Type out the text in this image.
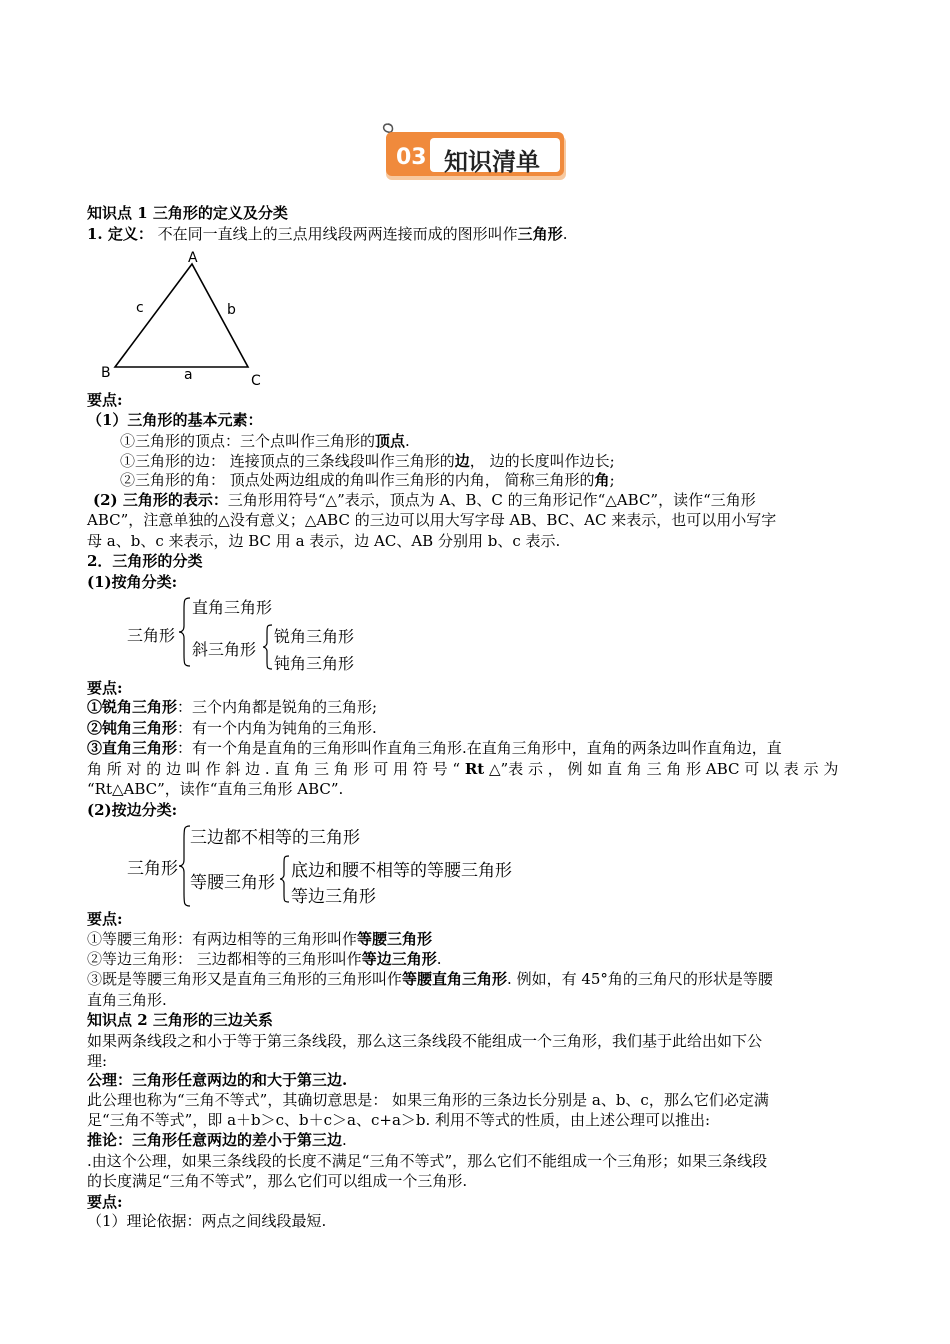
03 知识清单
知识点 1 三角形的定义及分类
1. 定义： 不在同一直线上的三点用线段两两连接而成的图形叫作三角形.
A
B	C
a
b
c
要点:
（1）三角形的基本元素：
①三角形的顶点：三个点叫作三角形的顶点.
①三角形的边： 连接顶点的三条线段叫作三角形的边， 边的长度叫作边长;
②三角形的角： 顶点处两边组成的角叫作三角形的内角， 简称三角形的角;
(2) 三角形的表示：三角形用符号“△”表示，顶点为 A、B、C 的三角形记作“△ABC”，读作“三角形
ABC”，注意单独的△没有意义；△ABC 的三边可以用大写字母 AB、BC、AC 来表示，也可以用小写字
母 a、b、c 来表示，边 BC 用 a 表示，边 AC、AB 分别用 b、c 表示.
2．三角形的分类
(1)按角分类:
三角形
直角三角形
斜三角形
锐角三角形
钝角三角形
要点:
①锐角三角形：三个内角都是锐角的三角形;
②钝角三角形：有一个内角为钝角的三角形.
③直角三角形：有一个角是直角的三角形叫作直角三角形.在直角三角形中，直角的两条边叫作直角边，直
角 所 对 的 边 叫 作 斜 边 . 直 角 三 角 形 可 用 符 号 “ Rt △”表 示 ， 例 如 直 角 三 角 形 ABC 可 以 表 示 为
“Rt△ABC”，读作“直角三角形 ABC”.
(2)按边分类:
三角形
三边都不相等的三角形
等腰三角形
底边和腰不相等的等腰三角形
等边三角形
要点:
①等腰三角形：有两边相等的三角形叫作等腰三角形
②等边三角形： 三边都相等的三角形叫作等边三角形.
③既是等腰三角形又是直角三角形的三角形叫作等腰直角三角形. 例如，有 45°角的三角尺的形状是等腰
直角三角形.
知识点 2 三角形的三边关系
如果两条线段之和小于等于第三条线段，那么这三条线段不能组成一个三角形，我们基于此给出如下公
理:
公理：三角形任意两边的和大于第三边.
此公理也称为“三角不等式”，其确切意思是： 如果三角形的三条边长分别是 a、b、c，那么它们必定满
足“三角不等式”，即 a＋b＞c、b＋c＞a、c+a＞b. 利用不等式的性质，由上述公理可以推出:
推论：三角形任意两边的差小于第三边.
.由这个公理，如果三条线段的长度不满足“三角不等式”，那么它们不能组成一个三角形；如果三条线段
的长度满足“三角不等式”，那么它们可以组成一个三角形.
要点:
（1）理论依据：两点之间线段最短.
